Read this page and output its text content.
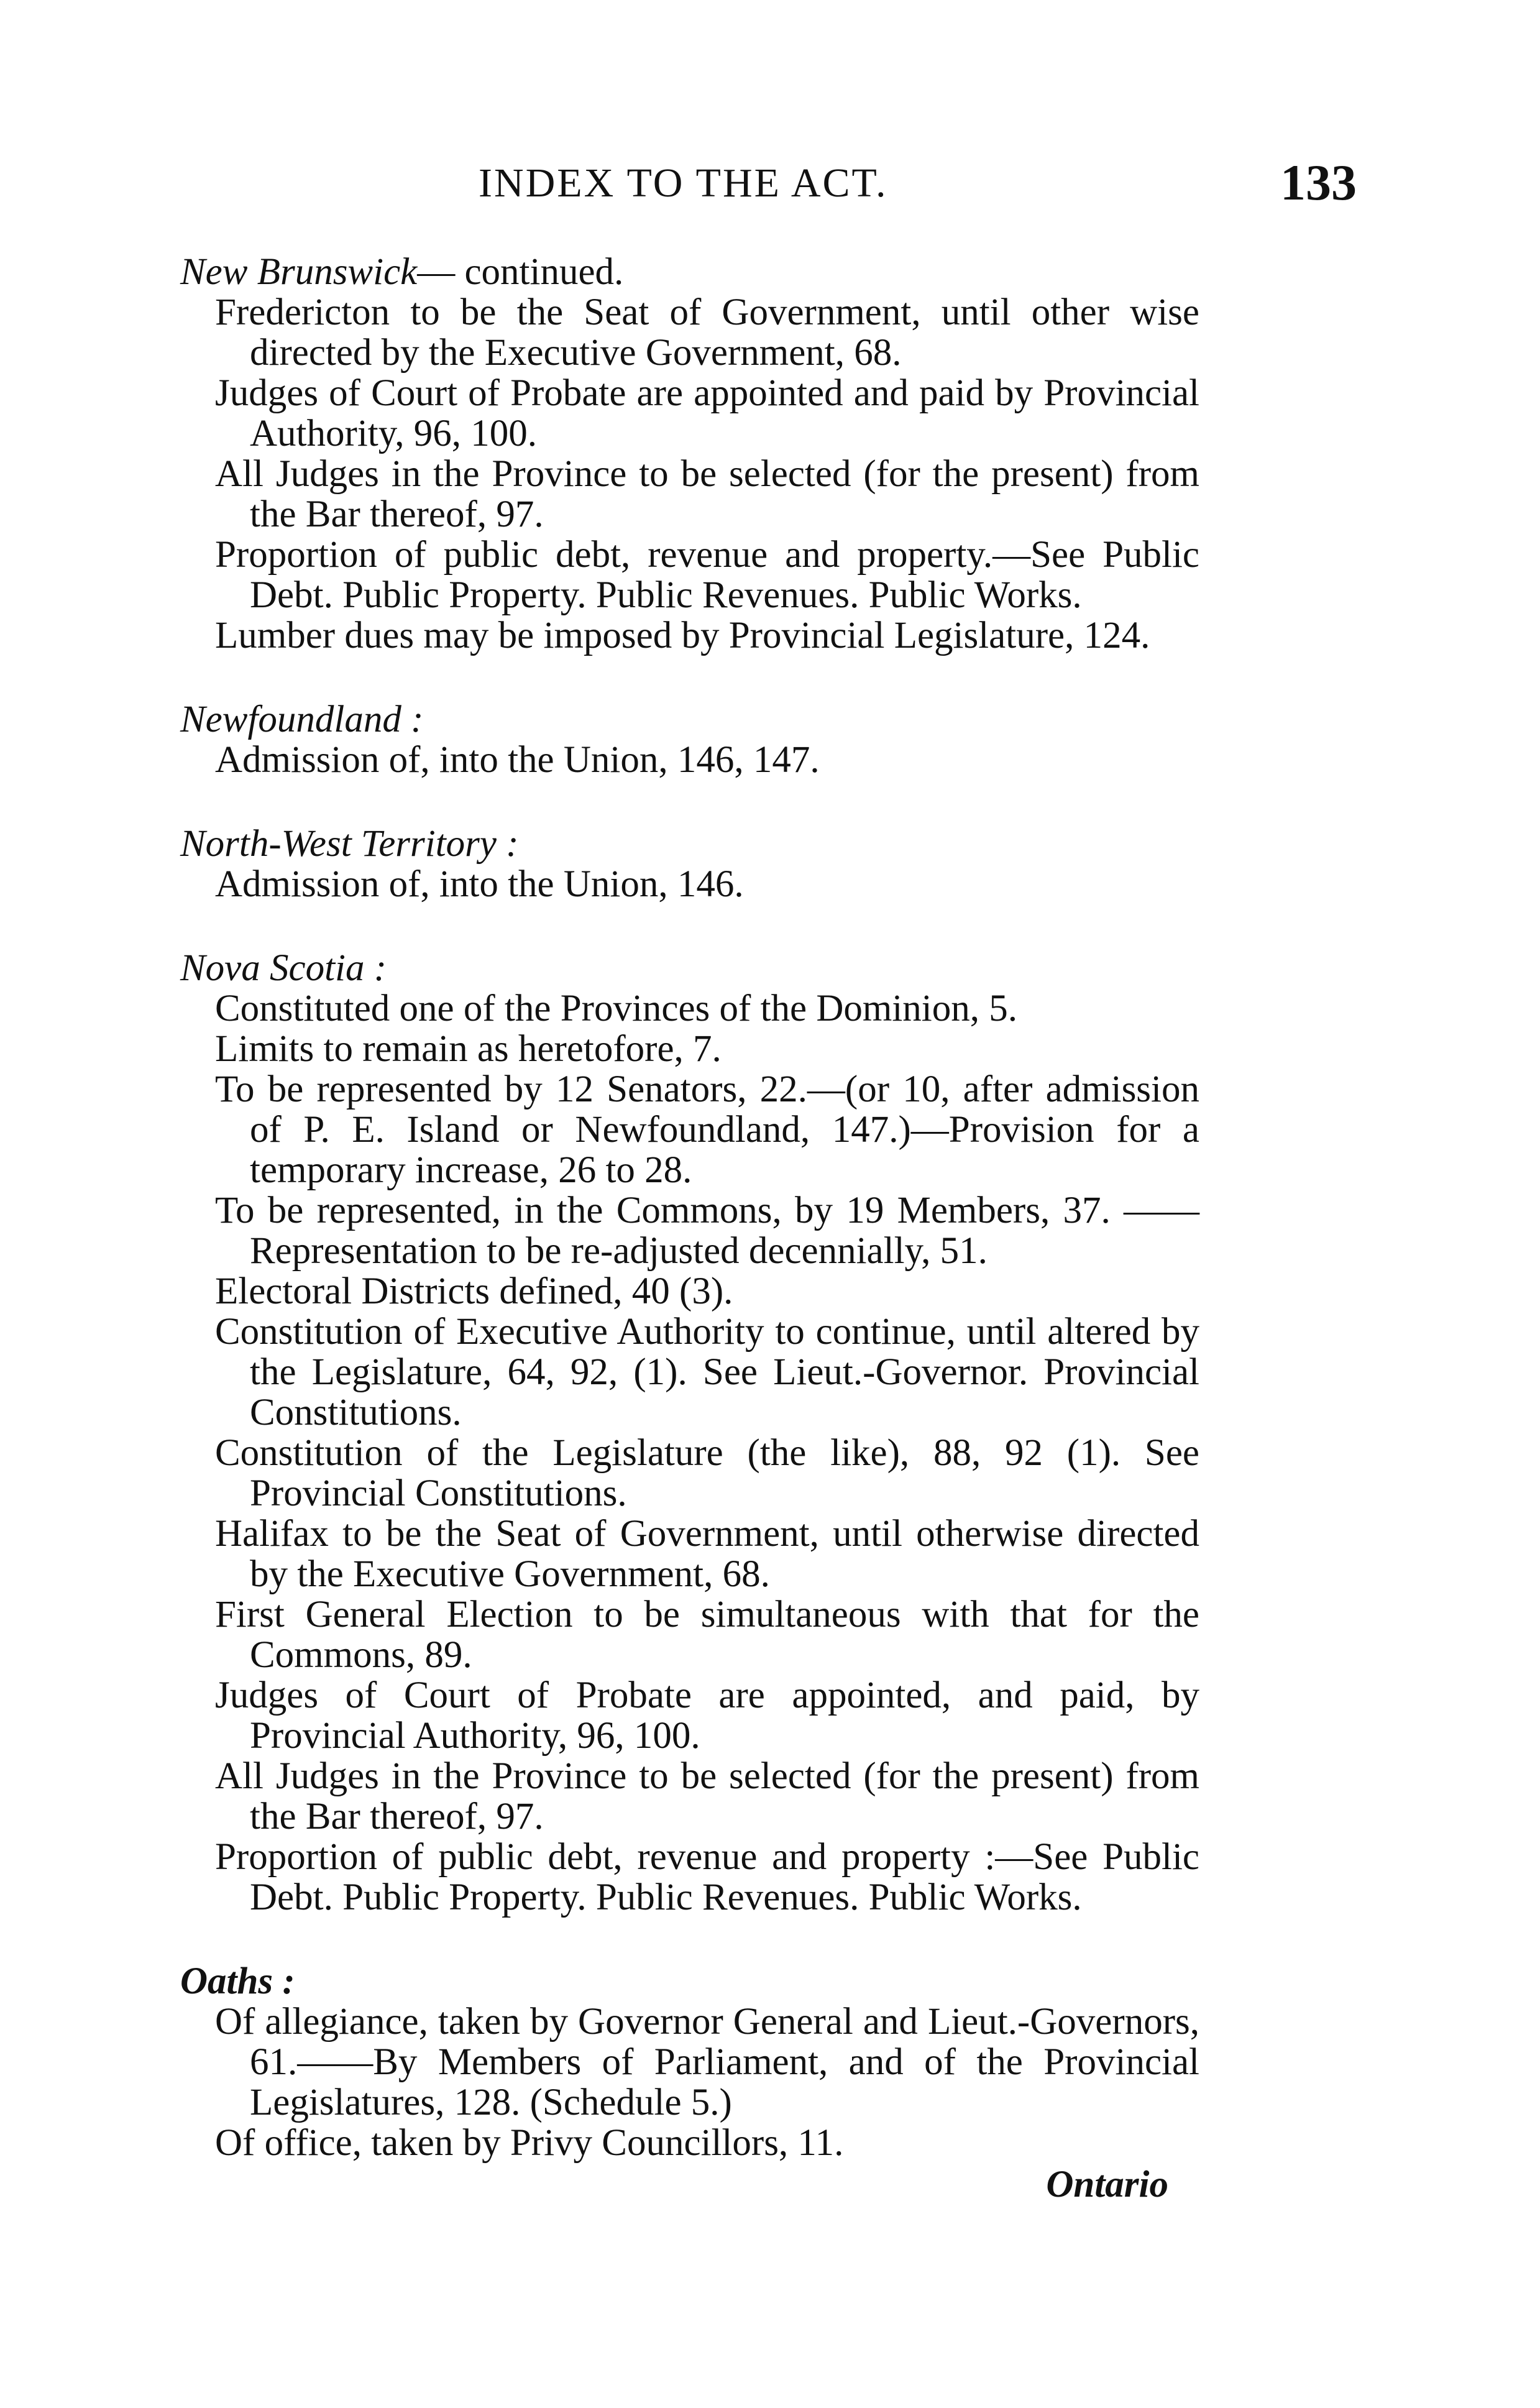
INDEX TO THE ACT.	133
New Brunswick— continued.

Fredericton to be the Seat of Government, until other wise directed by the Executive Government, 68.

Judges of Court of Probate are appointed and paid by Provincial Authority, 96, 100.

All Judges in the Province to be selected (for the present) from the Bar thereof, 97.

Proportion of public debt, revenue and property.—See Public Debt. Public Property. Public Revenues. Public Works.

Lumber dues may be imposed by Provincial Legislature, 124.

Newfoundland :

Admission of, into the Union, 146, 147.

North-West Territory :

Admission of, into the Union, 146.

Nova Scotia :

Constituted one of the Provinces of the Dominion, 5.

Limits to remain as heretofore, 7.

To be represented by 12 Senators, 22.—(or 10, after admission of P. E. Island or Newfoundland, 147.)—Provision for a temporary increase, 26 to 28.

To be represented, in the Commons, by 19 Members, 37. ——Representation to be re-adjusted decennially, 51.

Electoral Districts defined, 40 (3).

Constitution of Executive Authority to continue, until altered by the Legislature, 64, 92, (1). See Lieut.-Governor. Provincial Constitutions.

Constitution of the Legislature (the like), 88, 92 (1). See Provincial Constitutions.

Halifax to be the Seat of Government, until otherwise directed by the Executive Government, 68.

First General Election to be simultaneous with that for the Commons, 89.

Judges of Court of Probate are appointed, and paid, by Provincial Authority, 96, 100.

All Judges in the Province to be selected (for the present) from the Bar thereof, 97.

Proportion of public debt, revenue and property :—See Public Debt. Public Property. Public Revenues. Public Works.

Oaths :

Of allegiance, taken by Governor General and Lieut.-Governors, 61.——By Members of Parliament, and of the Provincial Legislatures, 128. (Schedule 5.)

Of office, taken by Privy Councillors, 11.

Ontario
